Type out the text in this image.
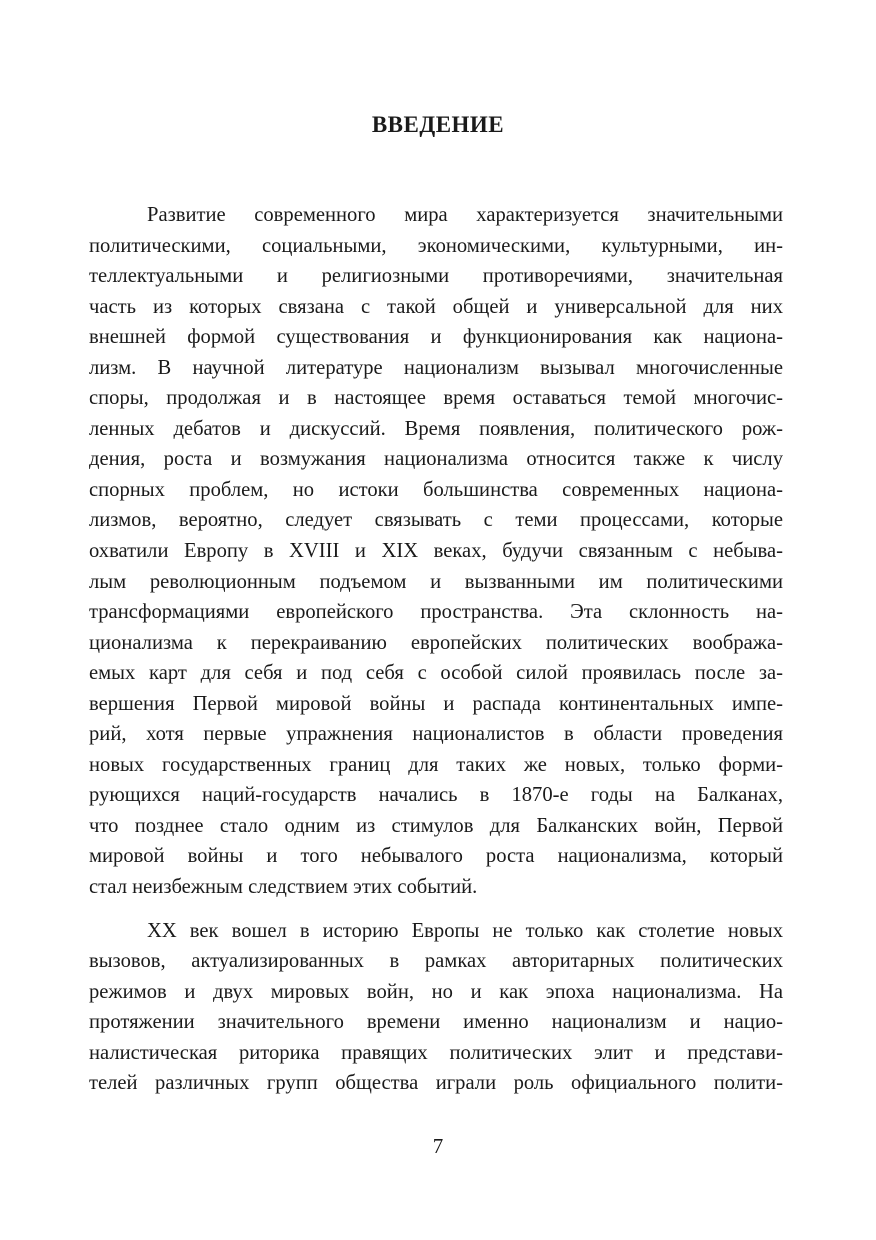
ВВЕДЕНИЕ

Развитие современного мира характеризуется значительными
политическими, социальными, экономическими, культурными, ин-
теллектуальными и религиозными противоречиями, значительная
часть из которых связана с такой общей и универсальной для них
внешней формой существования и функционирования как национа-
лизм. В научной литературе национализм вызывал многочисленные
споры, продолжая и в настоящее время оставаться темой многочис-
ленных дебатов и дискуссий. Время появления, политического рож-
дения, роста и возмужания национализма относится также к числу
спорных проблем, но истоки большинства современных национа-
лизмов, вероятно, следует связывать с теми процессами, которые
охватили Европу в XVIII и XIX веках, будучи связанным с небыва-
лым революционным подъемом и вызванными им политическими
трансформациями европейского пространства. Эта склонность на-
ционализма к перекраиванию европейских политических вообража-
емых карт для себя и под себя с особой силой проявилась после за-
вершения Первой мировой войны и распада континентальных импе-
рий, хотя первые упражнения националистов в области проведения
новых государственных границ для таких же новых, только форми-
рующихся наций-государств начались в 1870-е годы на Балканах,
что позднее стало одним из стимулов для Балканских войн, Первой
мировой войны и того небывалого роста национализма, который
стал неизбежным следствием этих событий.

XX век вошел в историю Европы не только как столетие новых
вызовов, актуализированных в рамках авторитарных политических
режимов и двух мировых войн, но и как эпоха национализма. На
протяжении значительного времени именно национализм и нацио-
налистическая риторика правящих политических элит и представи-
телей различных групп общества играли роль официального полити-

7
